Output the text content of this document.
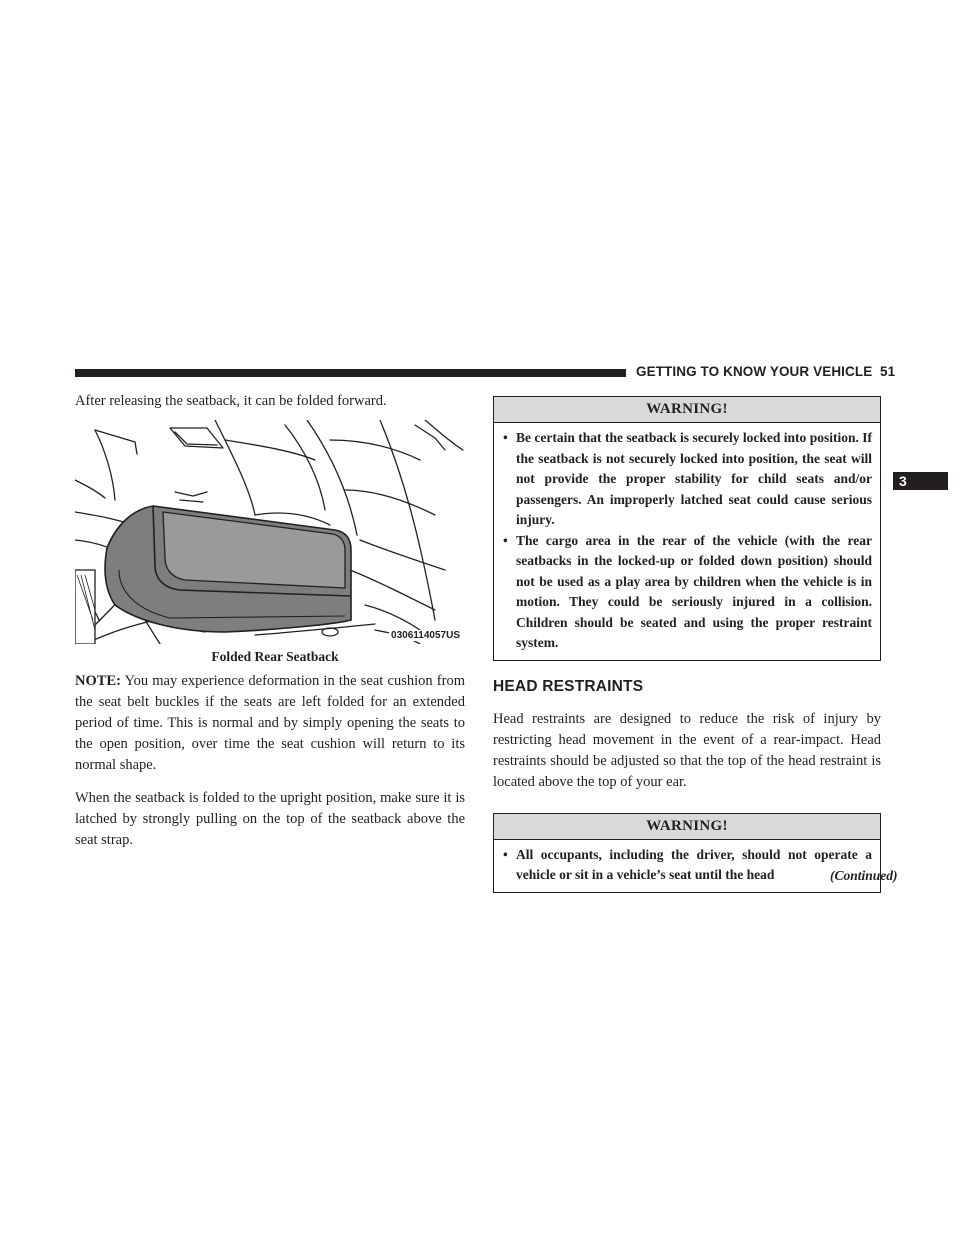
GETTING TO KNOW YOUR VEHICLE 51
3

After releasing the seatback, it can be folded forward.

0306114057US
Folded Rear Seatback

NOTE: You may experience deformation in the seat cushion from the seat belt buckles if the seats are left folded for an extended period of time. This is normal and by simply opening the seats to the open position, over time the seat cushion will return to its normal shape.

When the seatback is folded to the upright position, make sure it is latched by strongly pulling on the top of the seatback above the seat strap.

WARNING!
• Be certain that the seatback is securely locked into position. If the seatback is not securely locked into position, the seat will not provide the proper stability for child seats and/or passengers. An improperly latched seat could cause serious injury.
• The cargo area in the rear of the vehicle (with the rear seatbacks in the locked-up or folded down position) should not be used as a play area by children when the vehicle is in motion. They could be seriously injured in a collision. Children should be seated and using the proper restraint system.
HEAD RESTRAINTS

Head restraints are designed to reduce the risk of injury by restricting head movement in the event of a rear-impact. Head restraints should be adjusted so that the top of the head restraint is located above the top of your ear.

WARNING!
• All occupants, including the driver, should not operate a vehicle or sit in a vehicle’s seat until the head	(Continued)
